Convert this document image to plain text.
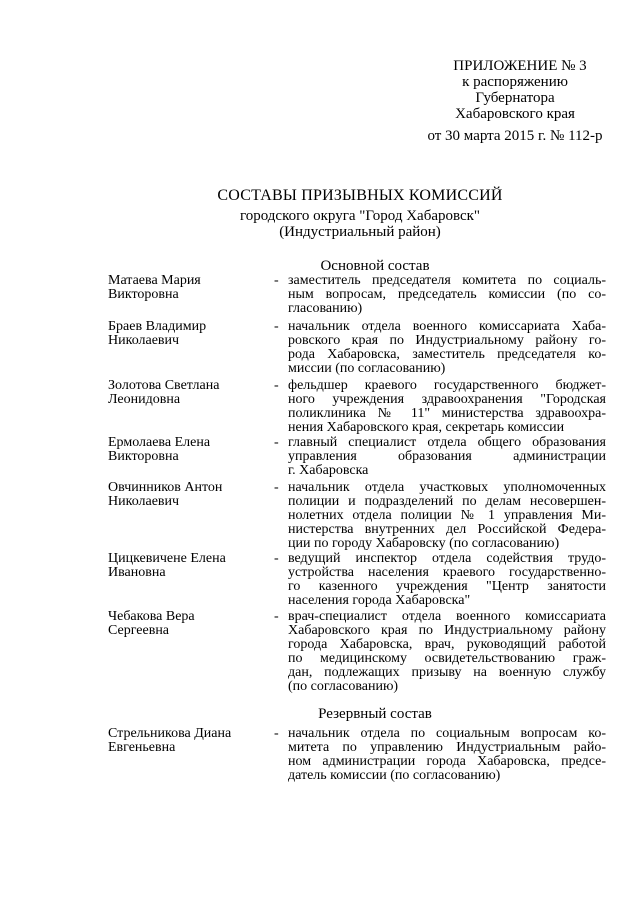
ПРИЛОЖЕНИЕ № 3
к распоряжению
Губернатора
Хабаровского края
от 30 марта 2015 г. № 112-р
СОСТАВЫ ПРИЗЫВНЫХ КОМИССИЙ
городского округа "Город Хабаровск"
(Индустриальный район)
Основной состав
Матаева Мария
Викторовна
- заместитель председателя комитета по социаль-
ным вопросам, председатель комиссии (по со-
гласованию)
Браев Владимир
Николаевич
- начальник отдела военного комиссариата Хаба-
ровского края по Индустриальному району го-
рода Хабаровска, заместитель председателя ко-
миссии (по согласованию)
Золотова Светлана
Леонидовна
- фельдшер краевого государственного бюджет-
ного учреждения здравоохранения "Городская
поликлиника № 11" министерства здравоохра-
нения Хабаровского края, секретарь комиссии
Ермолаева Елена
Викторовна
- главный специалист отдела общего образования
управления образования администрации
г. Хабаровска
Овчинников Антон
Николаевич
- начальник отдела участковых уполномоченных
полиции и подразделений по делам несовершен-
нолетних отдела полиции № 1 управления Ми-
нистерства внутренних дел Российской Федера-
ции по городу Хабаровску (по согласованию)
Цицкевичене Елена
Ивановна
- ведущий инспектор отдела содействия трудо-
устройства населения краевого государственно-
го казенного учреждения "Центр занятости
населения города Хабаровска"
Чебакова Вера
Сергеевна
- врач-специалист отдела военного комиссариата
Хабаровского края по Индустриальному району
города Хабаровска, врач, руководящий работой
по медицинскому освидетельствованию граж-
дан, подлежащих призыву на военную службу
(по согласованию)
Резервный состав
Стрельникова Диана
Евгеньевна
- начальник отдела по социальным вопросам ко-
митета по управлению Индустриальным райо-
ном администрации города Хабаровска, предсе-
датель комиссии (по согласованию)
